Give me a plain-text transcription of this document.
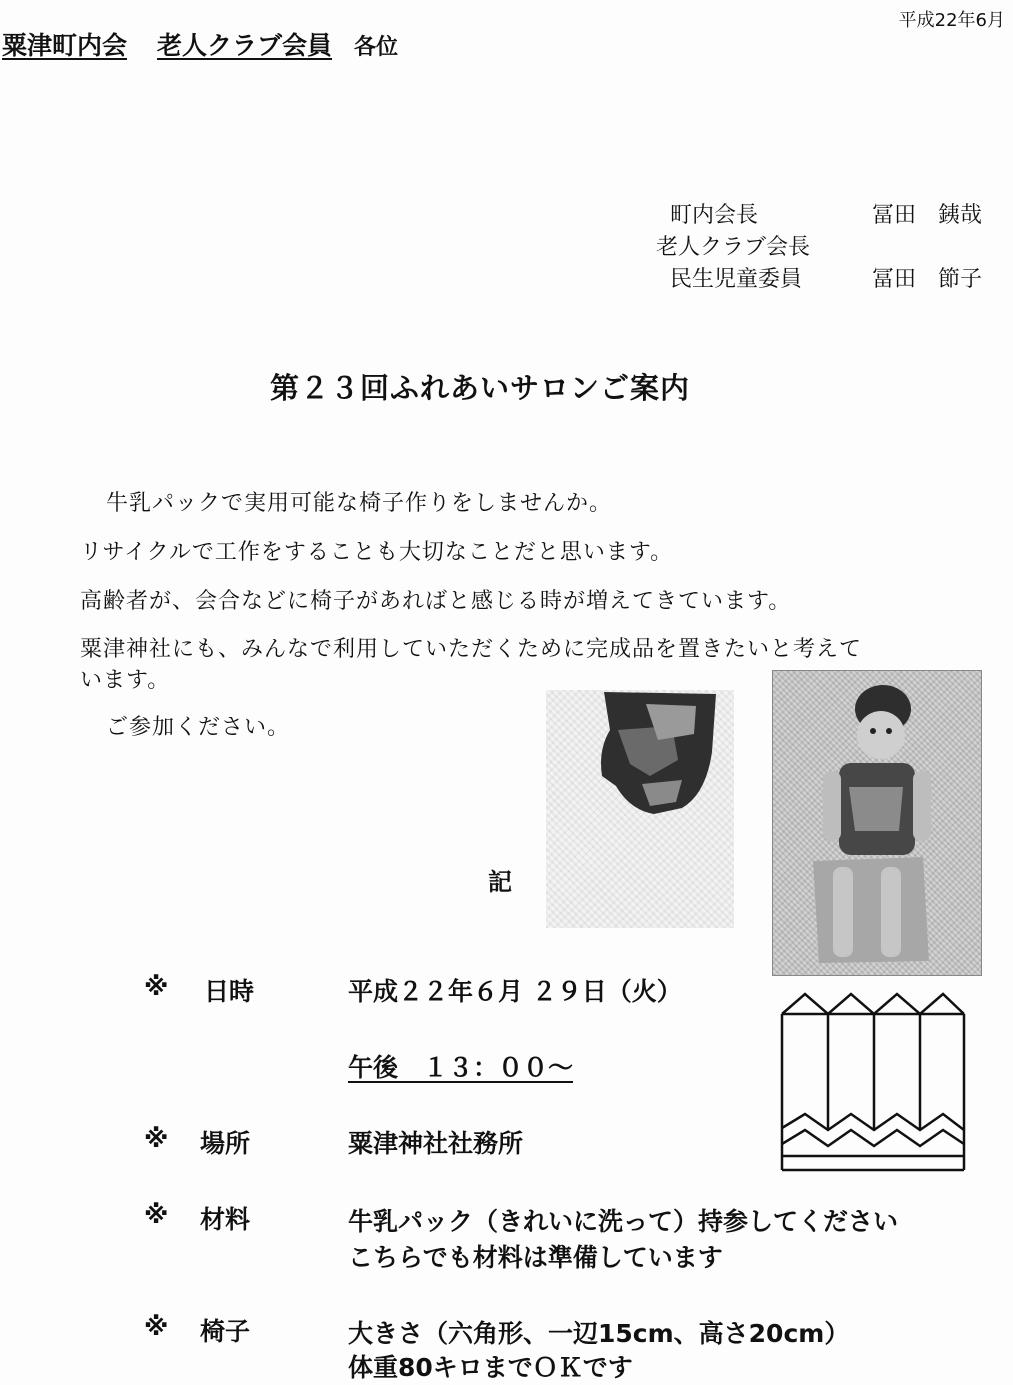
平成22年6月
粟津町内会 老人クラブ会員 各位
町内会長	冨田　銕哉
老人クラブ会長
民生児童委員	冨田　節子
第２３回ふれあいサロンご案内
牛乳パックで実用可能な椅子作りをしませんか。
リサイクルで工作をすることも大切なことだと思います。
高齢者が、会合などに椅子があればと感じる時が増えてきています。
粟津神社にも、みんなで利用していただくために完成品を置きたいと考えて
います。
ご参加ください。
記
※ 日時	平成２２年６月 ２９日（火）
午後　１３：００～
※ 場所	粟津神社社務所
※ 材料	牛乳パック（きれいに洗って）持参してください
こちらでも材料は準備しています
※ 椅子	大きさ（六角形、一辺15cm、高さ20cm）
体重80キロまでＯＫです
